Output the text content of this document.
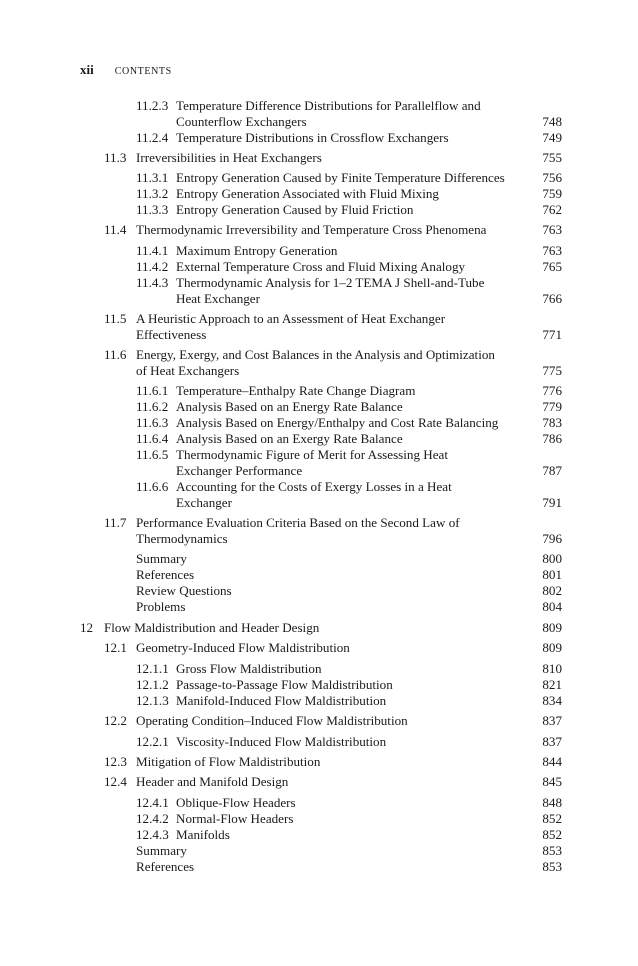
xii CONTENTS
11.2.3 Temperature Difference Distributions for Parallelflow and
Counterflow Exchangers	748
11.2.4 Temperature Distributions in Crossflow Exchangers	749
11.3 Irreversibilities in Heat Exchangers	755
11.3.1 Entropy Generation Caused by Finite Temperature Differences	756
11.3.2 Entropy Generation Associated with Fluid Mixing	759
11.3.3 Entropy Generation Caused by Fluid Friction	762
11.4 Thermodynamic Irreversibility and Temperature Cross Phenomena	763
11.4.1 Maximum Entropy Generation	763
11.4.2 External Temperature Cross and Fluid Mixing Analogy	765
11.4.3 Thermodynamic Analysis for 1–2 TEMA J Shell-and-Tube
Heat Exchanger	766
11.5 A Heuristic Approach to an Assessment of Heat Exchanger
Effectiveness	771
11.6 Energy, Exergy, and Cost Balances in the Analysis and Optimization
of Heat Exchangers	775
11.6.1 Temperature–Enthalpy Rate Change Diagram	776
11.6.2 Analysis Based on an Energy Rate Balance	779
11.6.3 Analysis Based on Energy/Enthalpy and Cost Rate Balancing	783
11.6.4 Analysis Based on an Exergy Rate Balance	786
11.6.5 Thermodynamic Figure of Merit for Assessing Heat
Exchanger Performance	787
11.6.6 Accounting for the Costs of Exergy Losses in a Heat
Exchanger	791
11.7 Performance Evaluation Criteria Based on the Second Law of
Thermodynamics	796
Summary	800
References	801
Review Questions	802
Problems	804
12 Flow Maldistribution and Header Design	809
12.1 Geometry-Induced Flow Maldistribution	809
12.1.1 Gross Flow Maldistribution	810
12.1.2 Passage-to-Passage Flow Maldistribution	821
12.1.3 Manifold-Induced Flow Maldistribution	834
12.2 Operating Condition–Induced Flow Maldistribution	837
12.2.1 Viscosity-Induced Flow Maldistribution	837
12.3 Mitigation of Flow Maldistribution	844
12.4 Header and Manifold Design	845
12.4.1 Oblique-Flow Headers	848
12.4.2 Normal-Flow Headers	852
12.4.3 Manifolds	852
Summary	853
References	853
